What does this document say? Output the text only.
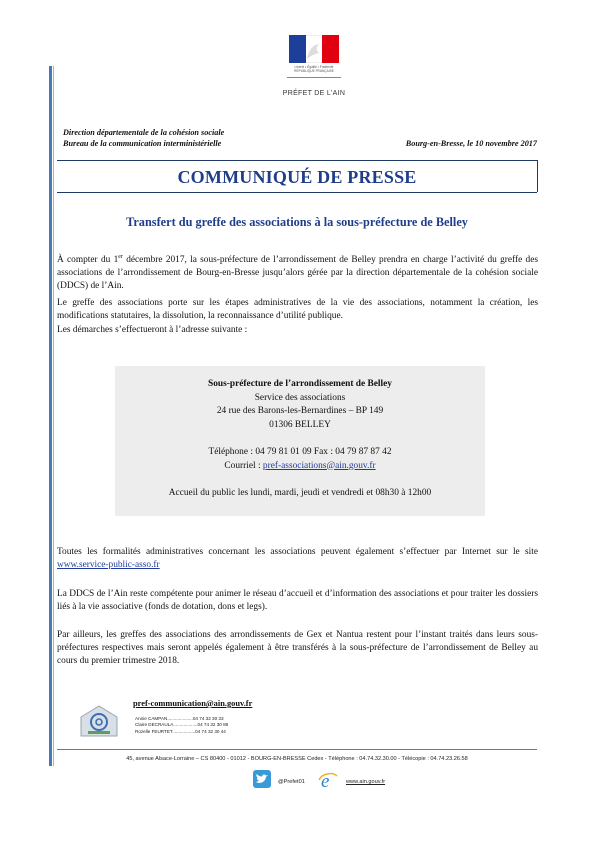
Liberté • Égalité • Fraternité
RÉPUBLIQUE FRANÇAISE
PRÉFET DE L'AIN
Direction départementale de la cohésion sociale
Bureau de la communication interministérielle	Bourg-en-Bresse, le 10 novembre 2017
COMMUNIQUÉ DE PRESSE
Transfert du greffe des associations à la sous-préfecture de Belley
À compter du 1er décembre 2017, la sous-préfecture de l’arrondissement de Belley prendra en charge l’activité du greffe des associations de l’arrondissement de Bourg-en-Bresse jusqu’alors gérée par la direction départementale de la cohésion sociale (DDCS) de l’Ain.
Le greffe des associations porte sur les étapes administratives de la vie des associations, notamment la création, les modifications statutaires, la dissolution, la reconnaissance d’utilité publique.
Les démarches s’effectueront à l’adresse suivante :
Sous-préfecture de l’arrondissement de Belley
Service des associations
24 rue des Barons-les-Bernardines – BP 149
01306 BELLEY
Téléphone : 04 79 81 01 09 Fax : 04 79 87 87 42
Courriel : pref-associations@ain.gouv.fr
Accueil du public les lundi, mardi, jeudi et vendredi et 08h30 à 12h00
Toutes les formalités administratives concernant les associations peuvent également s’effectuer par Internet sur le site www.service-public-asso.fr
La DDCS de l’Ain reste compétente pour animer le réseau d’accueil et d’information des associations et pour traiter les dossiers liés à la vie associative (fonds de dotation, dons et legs).
Par ailleurs, les greffes des associations des arrondissements de Gex et Nantua restent pour l’instant traités dans leurs sous-préfectures respectives mais seront appelés également à être transférés à la sous-préfecture de l’arrondissement de Belley au cours du premier trimestre 2018.
pref-communication@ain.gouv.fr
Annie CAMPAN....................04 74 32 30 33
Claire DECRAULA...................04 74 32 30 88
Rozelle FEURTET..................04 74 32 30 44
45, avenue Alsace-Lorraine – CS 80400 - 01012 - BOURG-EN-BRESSE Cedex - Téléphone : 04.74.32.30.00 - Télécopie : 04.74.23.26.58
@Prefet01 e	www.ain.gouv.fr
